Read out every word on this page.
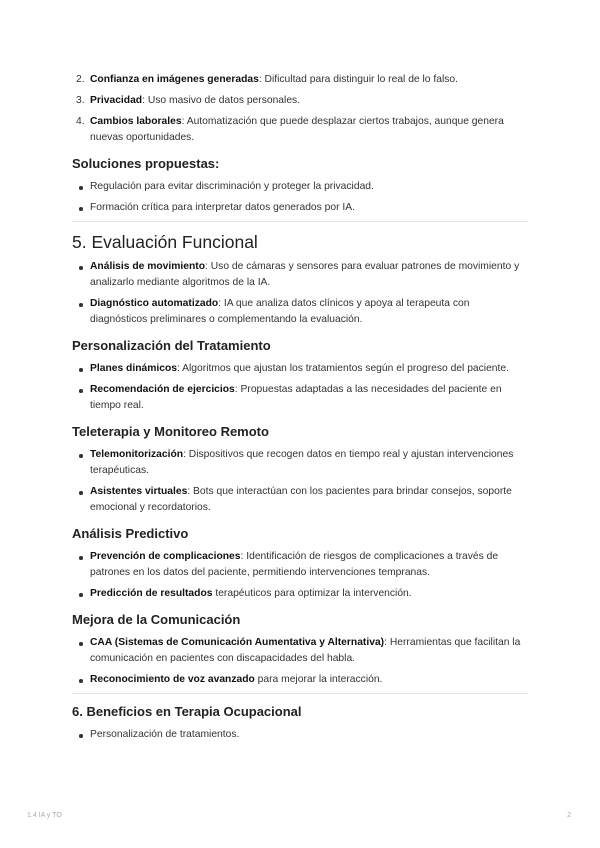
2. Confianza en imágenes generadas: Dificultad para distinguir lo real de lo falso.
3. Privacidad: Uso masivo de datos personales.
4. Cambios laborales: Automatización que puede desplazar ciertos trabajos, aunque genera nuevas oportunidades.
Soluciones propuestas:
Regulación para evitar discriminación y proteger la privacidad.
Formación crítica para interpretar datos generados por IA.
5. Evaluación Funcional
Análisis de movimiento: Uso de cámaras y sensores para evaluar patrones de movimiento y analizarlo mediante algoritmos de la IA.
Diagnóstico automatizado: IA que analiza datos clínicos y apoya al terapeuta con diagnósticos preliminares o complementando la evaluación.
Personalización del Tratamiento
Planes dinámicos: Algoritmos que ajustan los tratamientos según el progreso del paciente.
Recomendación de ejercicios: Propuestas adaptadas a las necesidades del paciente en tiempo real.
Teleterapia y Monitoreo Remoto
Telemonitorización: Dispositivos que recogen datos en tiempo real y ajustan intervenciones terapéuticas.
Asistentes virtuales: Bots que interactúan con los pacientes para brindar consejos, soporte emocional y recordatorios.
Análisis Predictivo
Prevención de complicaciones: Identificación de riesgos de complicaciones a través de patrones en los datos del paciente, permitiendo intervenciones tempranas.
Predicción de resultados terapéuticos para optimizar la intervención.
Mejora de la Comunicación
CAA (Sistemas de Comunicación Aumentativa y Alternativa): Herramientas que facilitan la comunicación en pacientes con discapacidades del habla.
Reconocimiento de voz avanzado para mejorar la interacción.
6. Beneficios en Terapia Ocupacional
Personalización de tratamientos.
1.4 IA y TO	2
